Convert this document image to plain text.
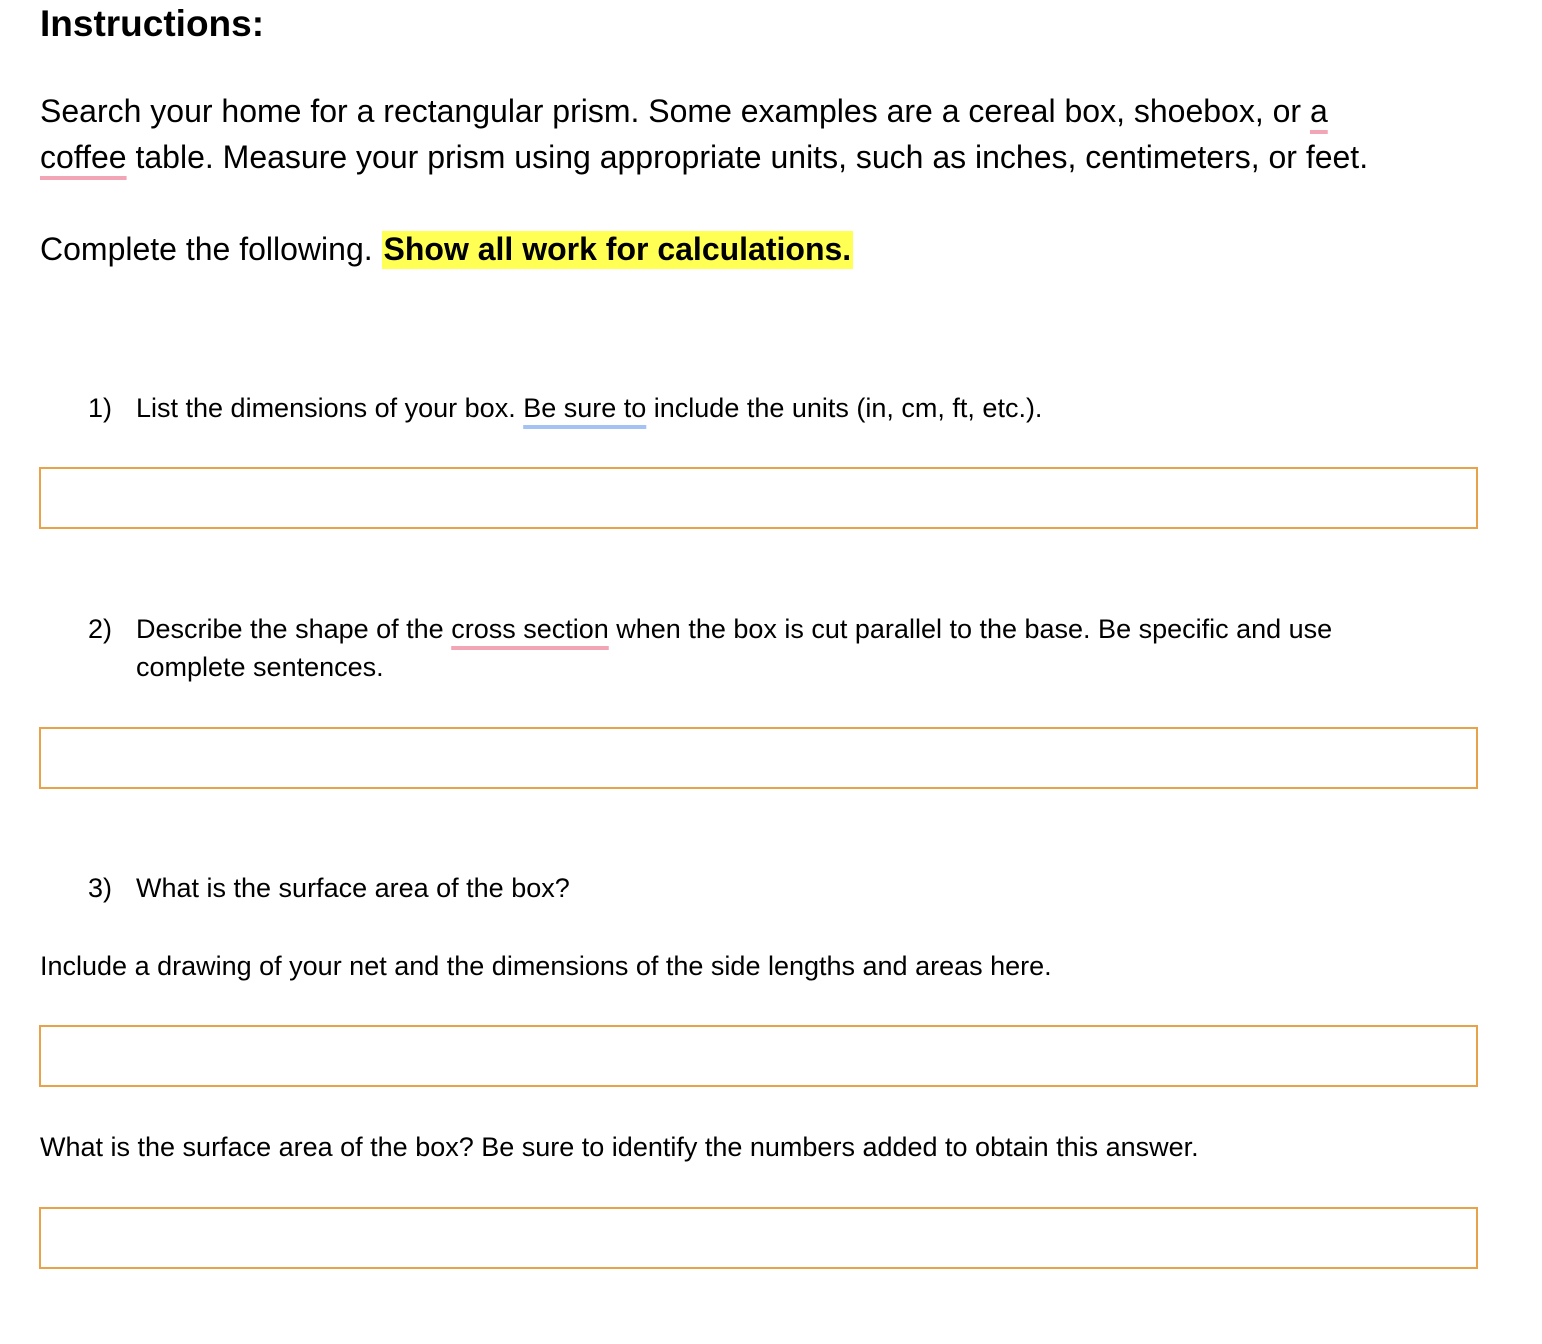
Instructions:
Search your home for a rectangular prism. Some examples are a cereal box, shoebox, or a
coffee table. Measure your prism using appropriate units, such as inches, centimeters, or feet.
Complete the following. Show all work for calculations.
1) List the dimensions of your box. Be sure to include the units (in, cm, ft, etc.).
2) Describe the shape of the cross section when the box is cut parallel to the base. Be specific and use
complete sentences.
3) What is the surface area of the box?
Include a drawing of your net and the dimensions of the side lengths and areas here.
What is the surface area of the box? Be sure to identify the numbers added to obtain this answer.
